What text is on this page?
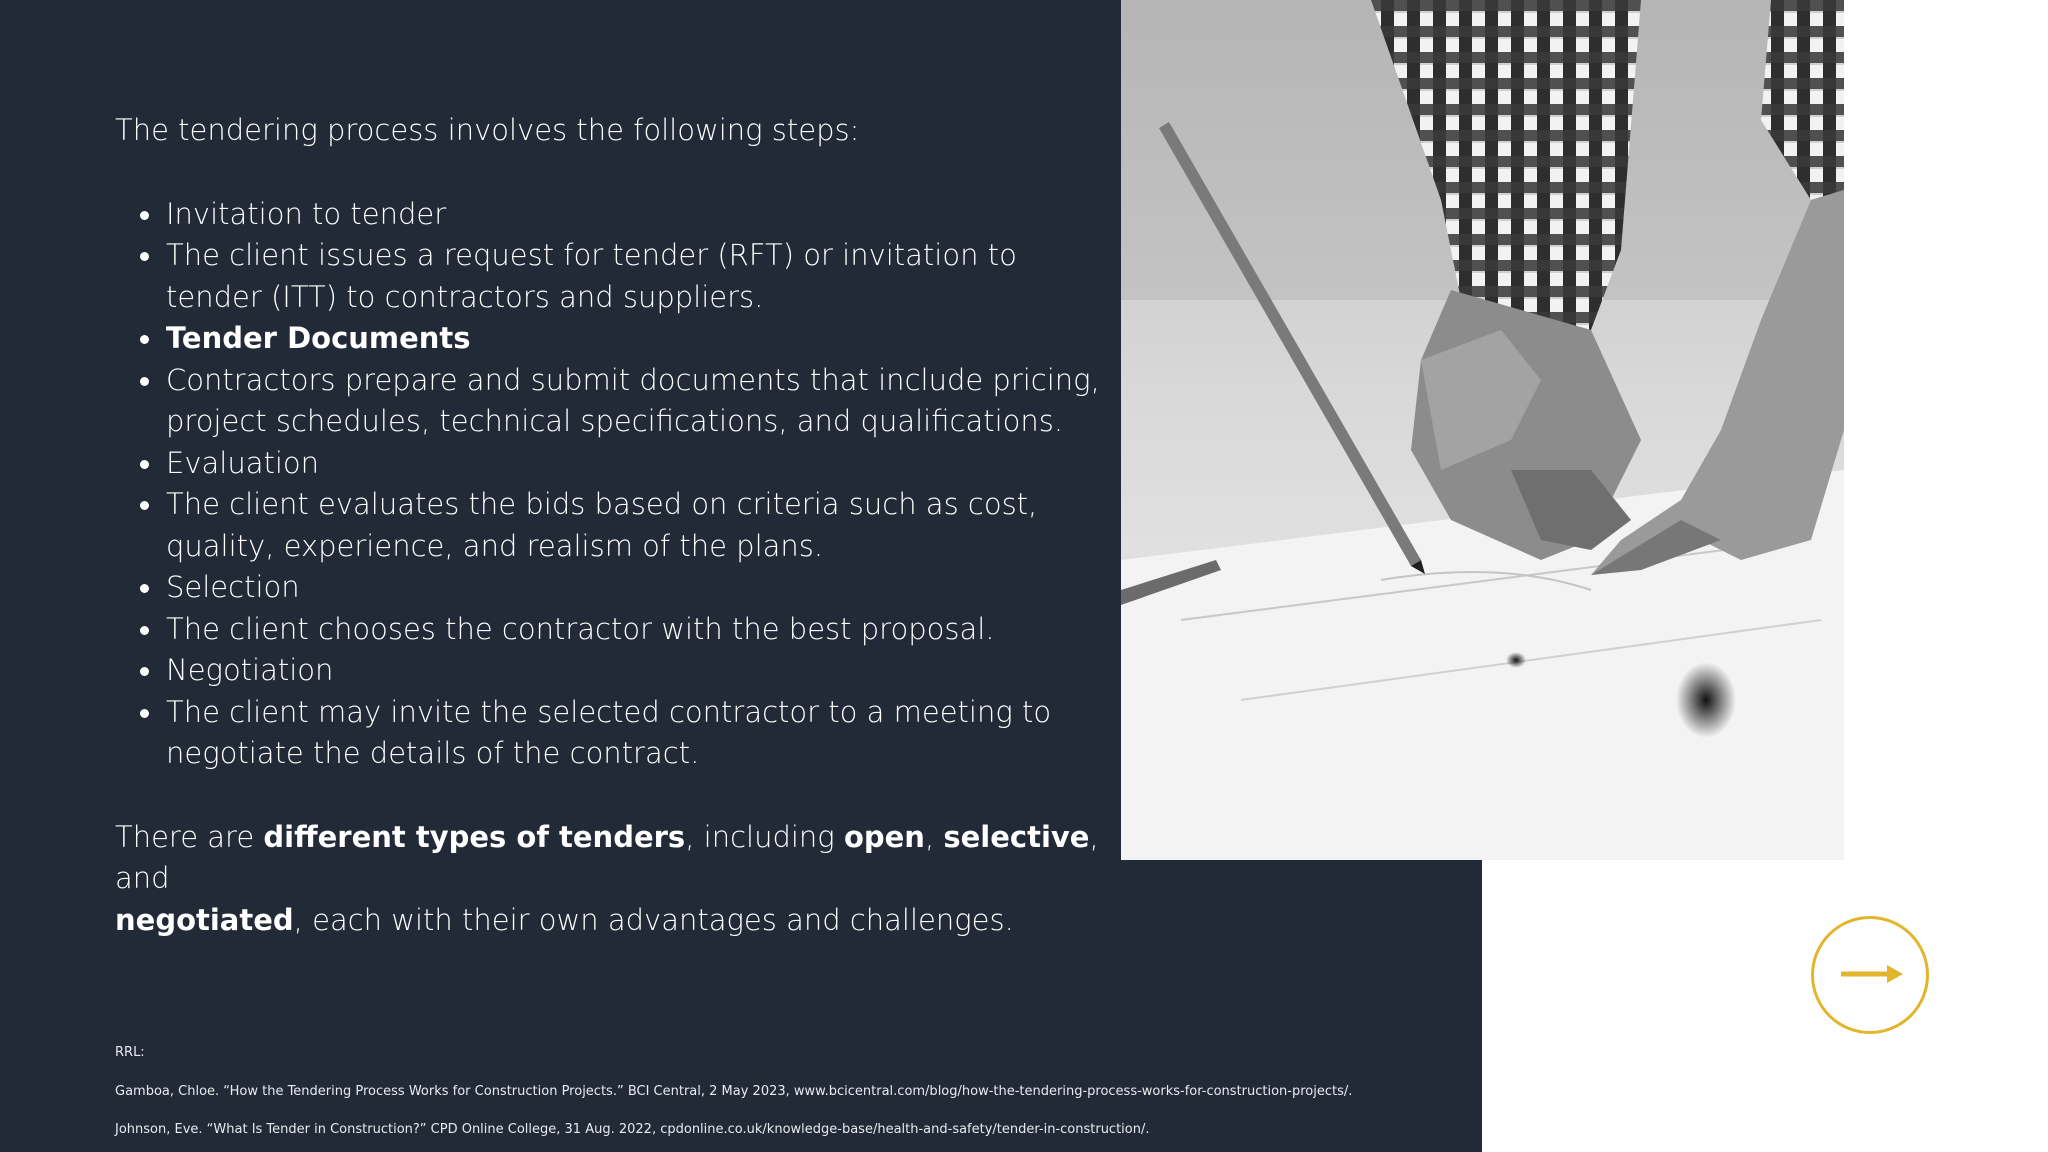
The tendering process involves the following steps:

Invitation to tender
The client issues a request for tender (RFT) or invitation to tender (ITT) to contractors and suppliers.
Tender Documents
Contractors prepare and submit documents that include pricing, project schedules, technical specifications, and qualifications.
Evaluation
The client evaluates the bids based on criteria such as cost, quality, experience, and realism of the plans.
Selection
The client chooses the contractor with the best proposal.
Negotiation
The client may invite the selected contractor to a meeting to negotiate the details of the contract.

There are different types of tenders, including open, selective, and
negotiated, each with their own advantages and challenges.

RRL:
Gamboa, Chloe. “How the Tendering Process Works for Construction Projects.” BCI Central, 2 May 2023, www.bcicentral.com/blog/how-the-tendering-process-works-for-construction-projects/.
Johnson, Eve. “What Is Tender in Construction?” CPD Online College, 31 Aug. 2022, cpdonline.co.uk/knowledge-base/health-and-safety/tender-in-construction/.
